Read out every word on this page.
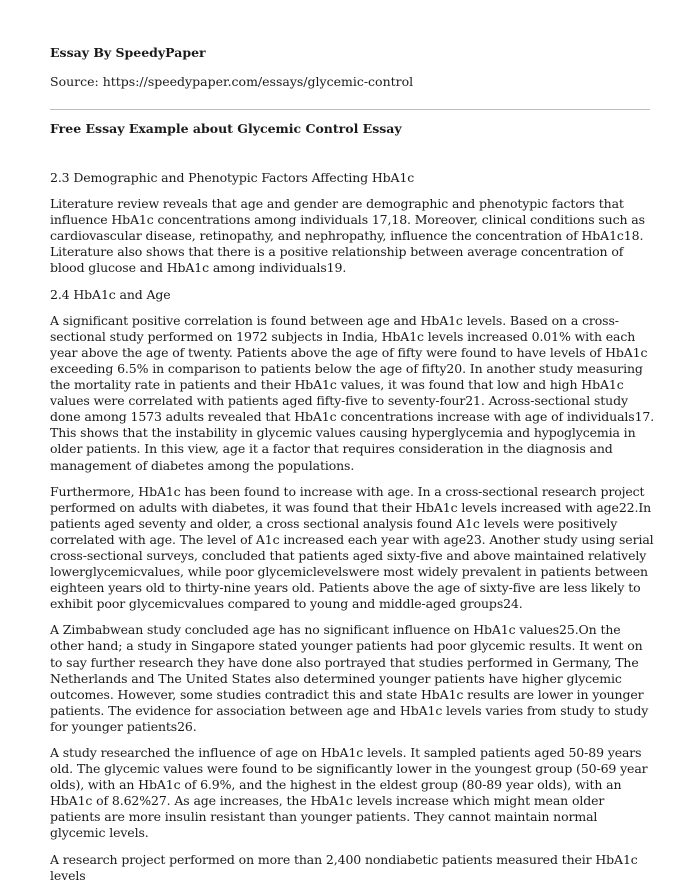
Essay By SpeedyPaper
Source: https://speedypaper.com/essays/glycemic-control
Free Essay Example about Glycemic Control Essay

2.3 Demographic and Phenotypic Factors Affecting HbA1c

Literature review reveals that age and gender are demographic and phenotypic factors that influence HbA1c concentrations among individuals 17,18. Moreover, clinical conditions such as cardiovascular disease, retinopathy, and nephropathy, influence the concentration of HbA1c18. Literature also shows that there is a positive relationship between average concentration of blood glucose and HbA1c among individuals19.

2.4 HbA1c and Age

A significant positive correlation is found between age and HbA1c levels. Based on a cross-sectional study performed on 1972 subjects in India, HbA1c levels increased 0.01% with each year above the age of twenty. Patients above the age of fifty were found to have levels of HbA1c exceeding 6.5% in comparison to patients below the age of fifty20. In another study measuring the mortality rate in patients and their HbA1c values, it was found that low and high HbA1c values were correlated with patients aged fifty-five to seventy-four21. Across-sectional study done among 1573 adults revealed that HbA1c concentrations increase with age of individuals17. This shows that the instability in glycemic values causing hyperglycemia and hypoglycemia in older patients. In this view, age it a factor that requires consideration in the diagnosis and management of diabetes among the populations.

Furthermore, HbA1c has been found to increase with age. In a cross-sectional research project performed on adults with diabetes, it was found that their HbA1c levels increased with age22.In patients aged seventy and older, a cross sectional analysis found A1c levels were positively correlated with age. The level of A1c increased each year with age23. Another study using serial cross-sectional surveys, concluded that patients aged sixty-five and above maintained relatively lowerglycemicvalues, while poor glycemiclevelswere most widely prevalent in patients between eighteen years old to thirty-nine years old. Patients above the age of sixty-five are less likely to exhibit poor glycemicvalues compared to young and middle-aged groups24.

A Zimbabwean study concluded age has no significant influence on HbA1c values25.On the other hand; a study in Singapore stated younger patients had poor glycemic results. It went on to say further research they have done also portrayed that studies performed in Germany, The Netherlands and The United States also determined younger patients have higher glycemic outcomes. However, some studies contradict this and state HbA1c results are lower in younger patients. The evidence for association between age and HbA1c levels varies from study to study for younger patients26.

A study researched the influence of age on HbA1c levels. It sampled patients aged 50-89 years old. The glycemic values were found to be significantly lower in the youngest group (50-69 year olds), with an HbA1c of 6.9%, and the highest in the eldest group (80-89 year olds), with an HbA1c of 8.62%27. As age increases, the HbA1c levels increase which might mean older patients are more insulin resistant than younger patients. They cannot maintain normal glycemic levels.

A research project performed on more than 2,400 nondiabetic patients measured their HbA1c levels
